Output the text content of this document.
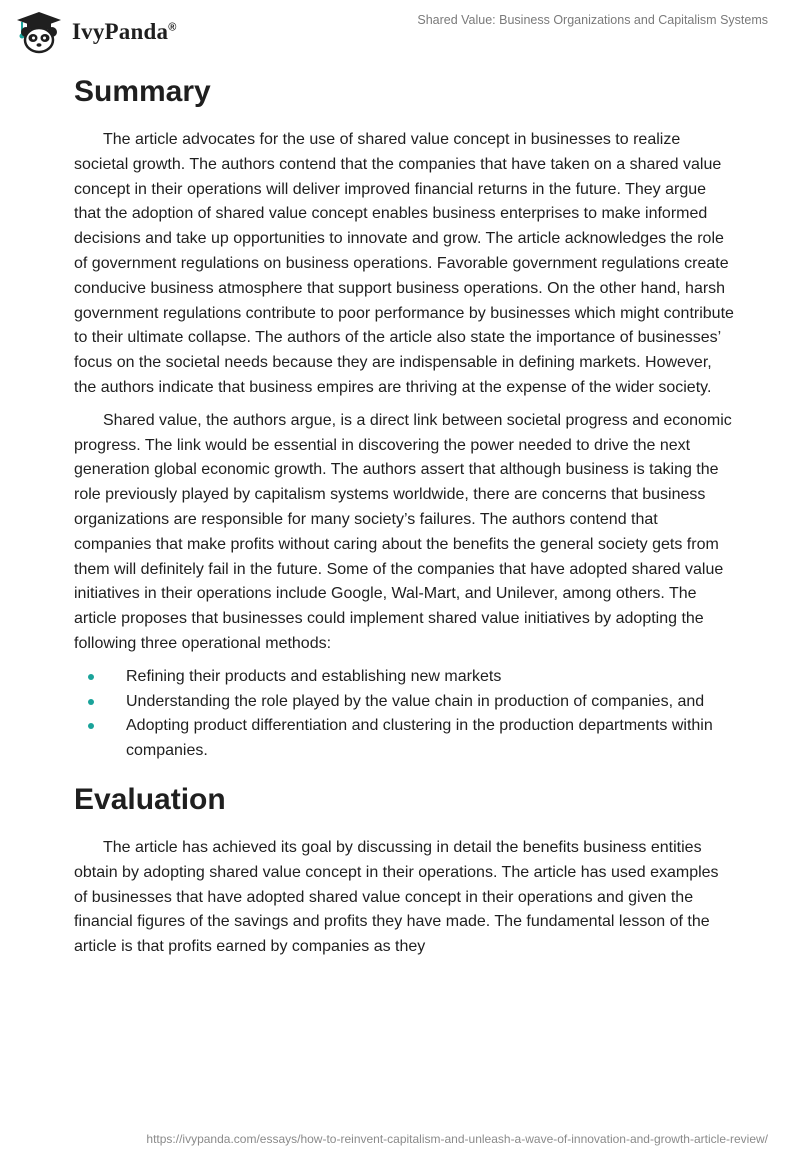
IvyPanda®
Shared Value: Business Organizations and Capitalism Systems
Summary

The article advocates for the use of shared value concept in businesses to realize societal growth. The authors contend that the companies that have taken on a shared value concept in their operations will deliver improved financial returns in the future. They argue that the adoption of shared value concept enables business enterprises to make informed decisions and take up opportunities to innovate and grow. The article acknowledges the role of government regulations on business operations. Favorable government regulations create conducive business atmosphere that support business operations. On the other hand, harsh government regulations contribute to poor performance by businesses which might contribute to their ultimate collapse. The authors of the article also state the importance of businesses’ focus on the societal needs because they are indispensable in defining markets. However, the authors indicate that business empires are thriving at the expense of the wider society.

Shared value, the authors argue, is a direct link between societal progress and economic progress. The link would be essential in discovering the power needed to drive the next generation global economic growth. The authors assert that although business is taking the role previously played by capitalism systems worldwide, there are concerns that business organizations are responsible for many society’s failures. The authors contend that companies that make profits without caring about the benefits the general society gets from them will definitely fail in the future. Some of the companies that have adopted shared value initiatives in their operations include Google, Wal-Mart, and Unilever, among others. The article proposes that businesses could implement shared value initiatives by adopting the following three operational methods:

Refining their products and establishing new markets
Understanding the role played by the value chain in production of companies, and
Adopting product differentiation and clustering in the production departments within companies.
Evaluation

The article has achieved its goal by discussing in detail the benefits business entities obtain by adopting shared value concept in their operations. The article has used examples of businesses that have adopted shared value concept in their operations and given the financial figures of the savings and profits they have made. The fundamental lesson of the article is that profits earned by companies as they

https://ivypanda.com/essays/how-to-reinvent-capitalism-and-unleash-a-wave-of-innovation-and-growth-article-review/
